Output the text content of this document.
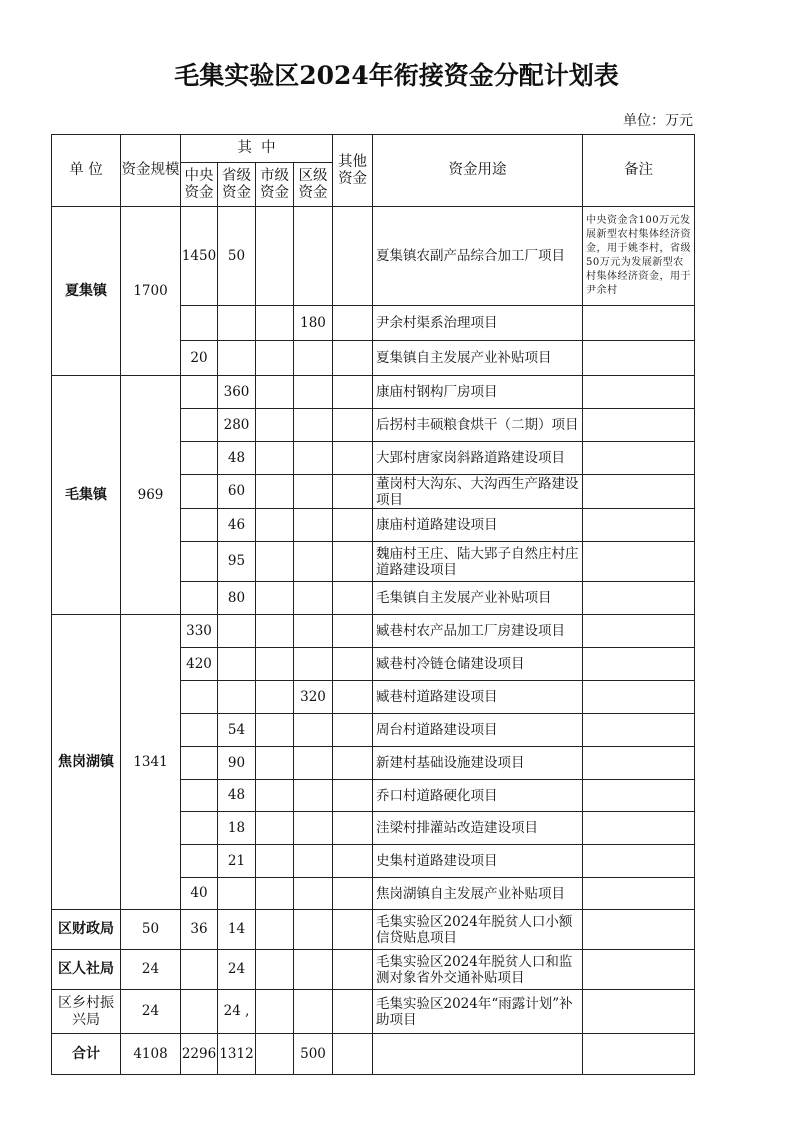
毛集实验区2024年衔接资金分配计划表
单位：万元
单 位	资金规模	其  中				其他资金	资金用途	备注
		中央资金	省级资金	市级资金	区级资金			
夏集镇	1700	1450	50				夏集镇农副产品综合加工厂项目	中央资金含100万元发展新型农村集体经济资金，用于姚李村，省级50万元为发展新型农村集体经济资金，用于尹余村
					180		尹余村渠系治理项目	
		20					夏集镇自主发展产业补贴项目	
毛集镇	969		360				康庙村钢构厂房项目	
			280				后拐村丰硕粮食烘干（二期）项目	
			48				大郢村唐家岗斜路道路建设项目	
			60				董岗村大沟东、大沟西生产路建设项目	
			46				康庙村道路建设项目	
			95				魏庙村王庄、陆大郢子自然庄村庄道路建设项目	
			80				毛集镇自主发展产业补贴项目	
焦岗湖镇	1341	330					臧巷村农产品加工厂房建设项目	
		420					臧巷村冷链仓储建设项目	
					320		臧巷村道路建设项目	
			54				周台村道路建设项目	
			90				新建村基础设施建设项目	
			48				乔口村道路硬化项目	
			18				洼梁村排灌站改造建设项目	
			21				史集村道路建设项目	
		40					焦岗湖镇自主发展产业补贴项目	
区财政局	50	36	14				毛集实验区2024年脱贫人口小额信贷贴息项目	
区人社局	24		24				毛集实验区2024年脱贫人口和监测对象省外交通补贴项目	
区乡村振兴局	24		24 ,				毛集实验区2024年“雨露计划”补助项目	
合计	4108	2296	1312		500			
